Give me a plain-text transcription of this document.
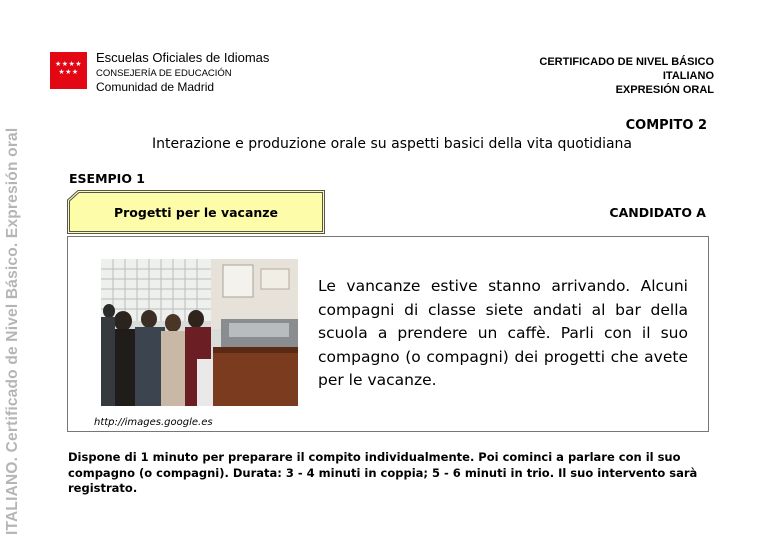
ITALIANO. Certificado de Nivel Básico. Expresión oral
★★★★
★★★
Escuelas Oficiales de Idiomas
CONSEJERÍA DE EDUCACIÓN
Comunidad de Madrid
CERTIFICADO DE NIVEL BÁSICO
ITALIANO
EXPRESIÓN ORAL
COMPITO 2
Interazione e produzione orale su aspetti basici della vita quotidiana
ESEMPIO 1
Progetti per le vacanze	CANDIDATO A
Le vancanze estive stanno arrivando. Alcuni compagni di classe siete andati al bar della scuola a prendere un caffè. Parli con il suo compagno (o compagni) dei progetti che avete per le vacanze.
http://images.google.es
Dispone di 1 minuto per preparare il compito individualmente. Poi cominci a parlare con il suo compagno (o compagni). Durata: 3 - 4 minuti in coppia; 5 - 6 minuti in trio. Il suo intervento sarà registrato.
